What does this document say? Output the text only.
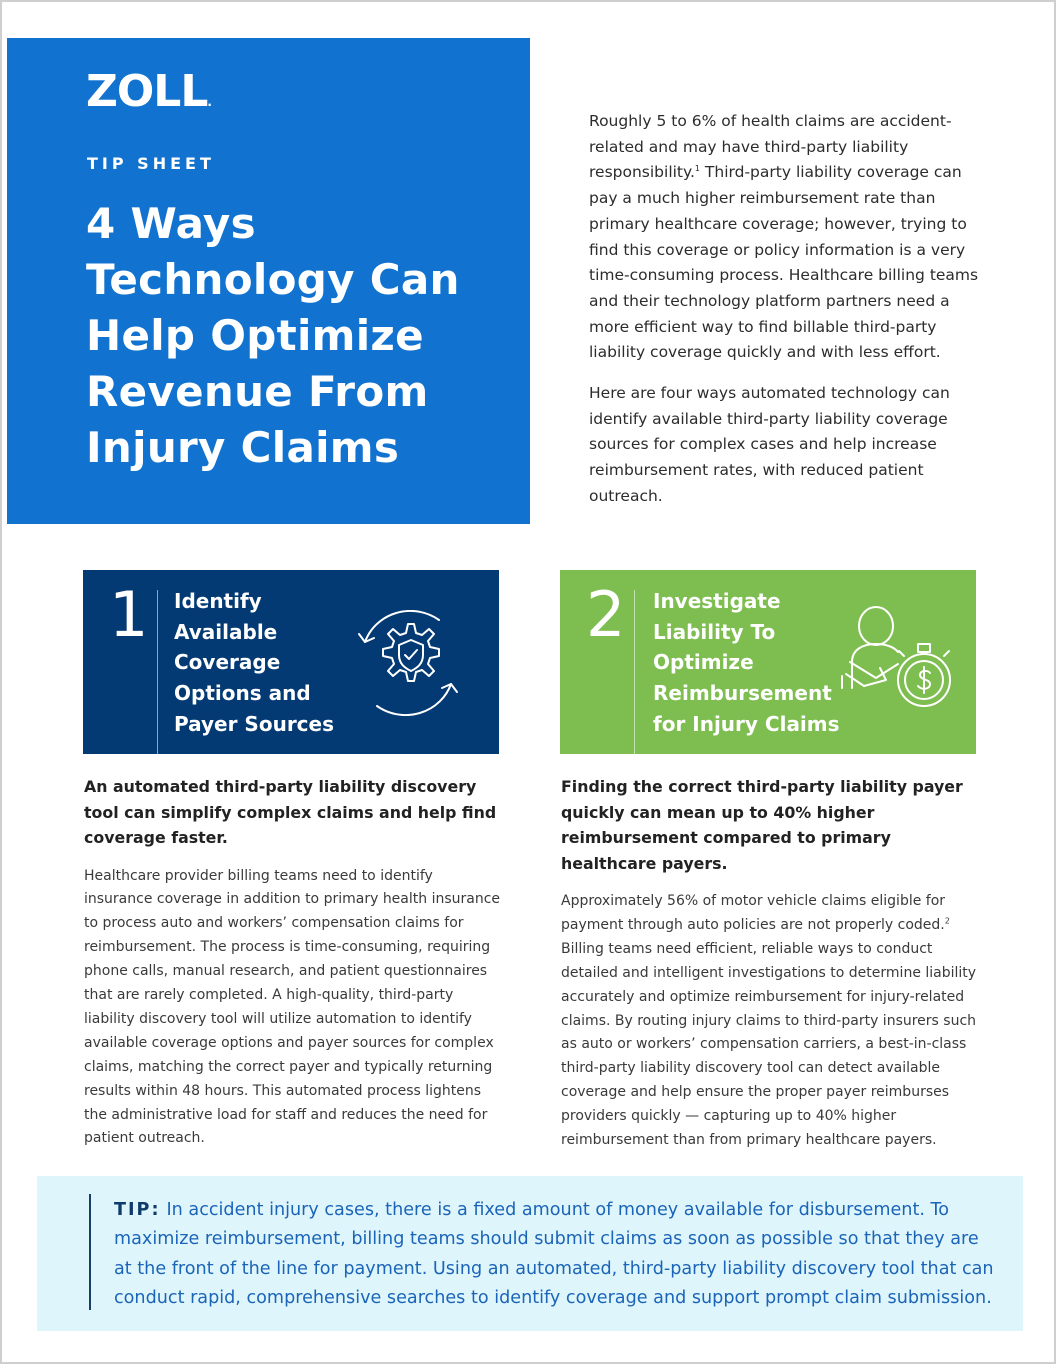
ZOLL.
TIP SHEET
4 Ways
Technology Can
Help Optimize
Revenue From
Injury Claims

Roughly 5 to 6% of health claims are accident-related and may have third-party liability responsibility.$^1$ Third-party liability coverage can pay a much higher reimbursement rate than primary healthcare coverage; however, trying to find this coverage or policy information is a very time-consuming process. Healthcare billing teams and their technology platform partners need a more efficient way to find billable third-party liability coverage quickly and with less effort.

Here are four ways automated technology can identify available third-party liability coverage sources for complex cases and help increase reimbursement rates, with reduced patient outreach.

1 Identify
Available
Coverage
Options and
Payer Sources
2 Investigate
Liability To
Optimize
Reimbursement
for Injury Claims

An automated third-party liability discovery tool can simplify complex claims and help find coverage faster.

Healthcare provider billing teams need to identify insurance coverage in addition to primary health insurance to process auto and workers’ compensation claims for reimbursement. The process is time-consuming, requiring phone calls, manual research, and patient questionnaires that are rarely completed. A high-quality, third-party liability discovery tool will utilize automation to identify available coverage options and payer sources for complex claims, matching the correct payer and typically returning results within 48 hours. This automated process lightens the administrative load for staff and reduces the need for patient outreach.

Finding the correct third-party liability payer quickly can mean up to 40% higher reimbursement compared to primary healthcare payers.

Approximately 56% of motor vehicle claims eligible for payment through auto policies are not properly coded.$^2$ Billing teams need efficient, reliable ways to conduct detailed and intelligent investigations to determine liability accurately and optimize reimbursement for injury-related claims. By routing injury claims to third-party insurers such as auto or workers’ compensation carriers, a best-in-class third-party liability discovery tool can detect available coverage and help ensure the proper payer reimburses providers quickly — capturing up to 40% higher reimbursement than from primary healthcare payers.

TIP: In accident injury cases, there is a fixed amount of money available for disbursement. To maximize reimbursement, billing teams should submit claims as soon as possible so that they are at the front of the line for payment. Using an automated, third-party liability discovery tool that can conduct rapid, comprehensive searches to identify coverage and support prompt claim submission.
